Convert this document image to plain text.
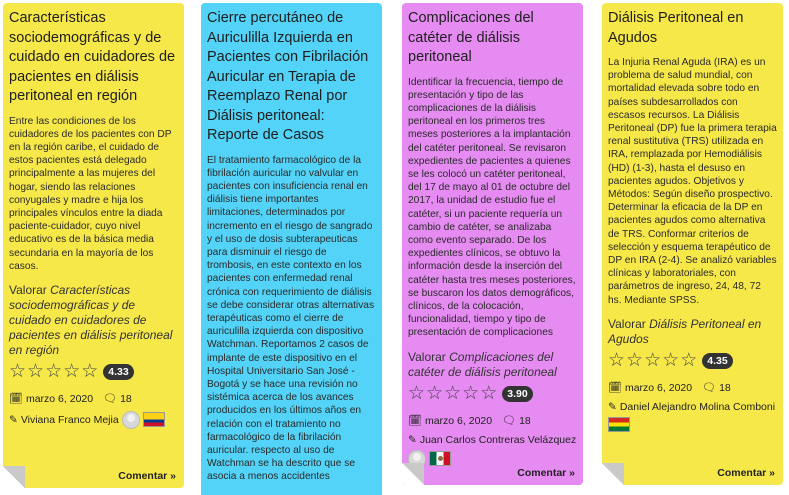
Características sociodemográficas y de cuidado en cuidadores de pacientes en diálisis peritoneal en región
Entre las condiciones de los cuidadores de los pacientes con DP en la región caribe, el cuidado de estos pacientes está delegado principalmente a las mujeres del hogar, siendo las relaciones conyugales y madre e hija los principales vínculos entre la diada paciente-cuidador, cuyo nivel educativo es de la básica media secundaria en la mayoría de los casos.
Valorar Características sociodemográficas y de cuidado en cuidadores de pacientes en diálisis peritoneal en región
☆ ☆ ☆ ☆ ☆ 4.33
🗓 marzo 6, 2020 🗨 18
✎ Viviana Franco Mejia
Comentar »
Cierre percutáneo de Auriculilla Izquierda en Pacientes con Fibrilación Auricular en Terapia de Reemplazo Renal por Diálisis peritoneal: Reporte de Casos
El tratamiento farmacológico de la fibrilación auricular no valvular en pacientes con insuficiencia renal en diálisis tiene importantes limitaciones, determinados por incremento en el riesgo de sangrado y el uso de dosis subterapeuticas para disminuir el riesgo de trombosis, en este contexto en los pacientes con enfermedad renal crónica con requerimiento de diálisis se debe considerar otras alternativas terapéuticas como el cierre de auriculilla izquierda con dispositivo Watchman. Reportamos 2 casos de implante de este dispositivo en el Hospital Universitario San José - Bogotá y se hace una revisión no sistémica acerca de los avances producidos en los últimos años en relación con el tratamiento no farmacológico de la fibrilación auricular. respecto al uso de Watchman se ha descrito que se asocia a menos accidentes
Complicaciones del catéter de diálisis peritoneal
Identificar la frecuencia, tiempo de presentación y tipo de las complicaciones de la diálisis peritoneal en los primeros tres meses posteriores a la implantación del catéter peritoneal. Se revisaron expedientes de pacientes a quienes se les colocó un catéter peritoneal, del 17 de mayo al 01 de octubre del 2017, la unidad de estudio fue el catéter, si un paciente requería un cambio de catéter, se analizaba como evento separado. De los expedientes clínicos, se obtuvo la información desde la inserción del catéter hasta tres meses posteriores, se buscaron los datos demográficos, clínicos, de la colocación, funcionalidad, tiempo y tipo de presentación de complicaciones
Valorar Complicaciones del catéter de diálisis peritoneal
☆ ☆ ☆ ☆ ☆ 3.90
🗓 marzo 6, 2020 🗨 18
✎ Juan Carlos Contreras Velázquez
Comentar »
Diálisis Peritoneal en Agudos
La Injuria Renal Aguda (IRA) es un problema de salud mundial, con mortalidad elevada sobre todo en países subdesarrollados con escasos recursos. La Diálisis Peritoneal (DP) fue la primera terapia renal sustitutiva (TRS) utilizada en IRA, remplazada por Hemodiálisis (HD) (1-3), hasta el desuso en pacientes agudos. Objetivos y Métodos: Según diseño prospectivo. Determinar la eficacia de la DP en pacientes agudos como alternativa de TRS. Conformar criterios de selección y esquema terapéutico de DP en IRA (2-4). Se analizó variables clínicas y laboratoriales, con parámetros de ingreso, 24, 48, 72 hs. Mediante SPSS.
Valorar Diálisis Peritoneal en Agudos
☆ ☆ ☆ ☆ ☆ 4.35
🗓 marzo 6, 2020 🗨 18
✎ Daniel Alejandro Molina Comboni
Comentar »
